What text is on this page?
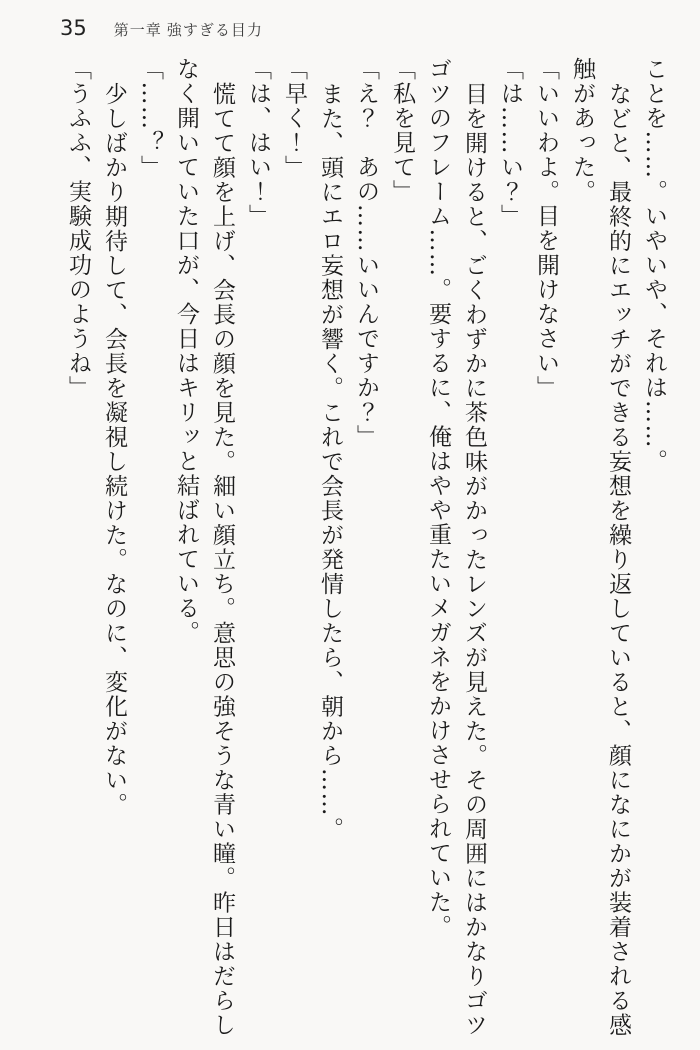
35 第一章 強すぎる目力

ことを……。いやいや、それは……。

などと、最終的にエッチができる妄想を繰り返していると、顔になにかが装着される感触があった。

「いいわよ。目を開けなさい」

「は……い？」

目を開けると、ごくわずかに茶色味がかったレンズが見えた。その周囲にはかなりゴツゴツのフレーム……。要するに、俺はやや重たいメガネをかけさせられていた。

「私を見て」

「え？　あの……いいんですか？」

また、頭にエロ妄想が響く。これで会長が発情したら、朝から……。

「早く！」

「は、はい！」

慌てて顔を上げ、会長の顔を見た。細い顔立ち。意思の強そうな青い瞳。昨日はだらしなく開いていた口が、今日はキリッと結ばれている。

「……？」

少しばかり期待して、会長を凝視し続けた。なのに、変化がない。

「うふふ、実験成功のようね」
